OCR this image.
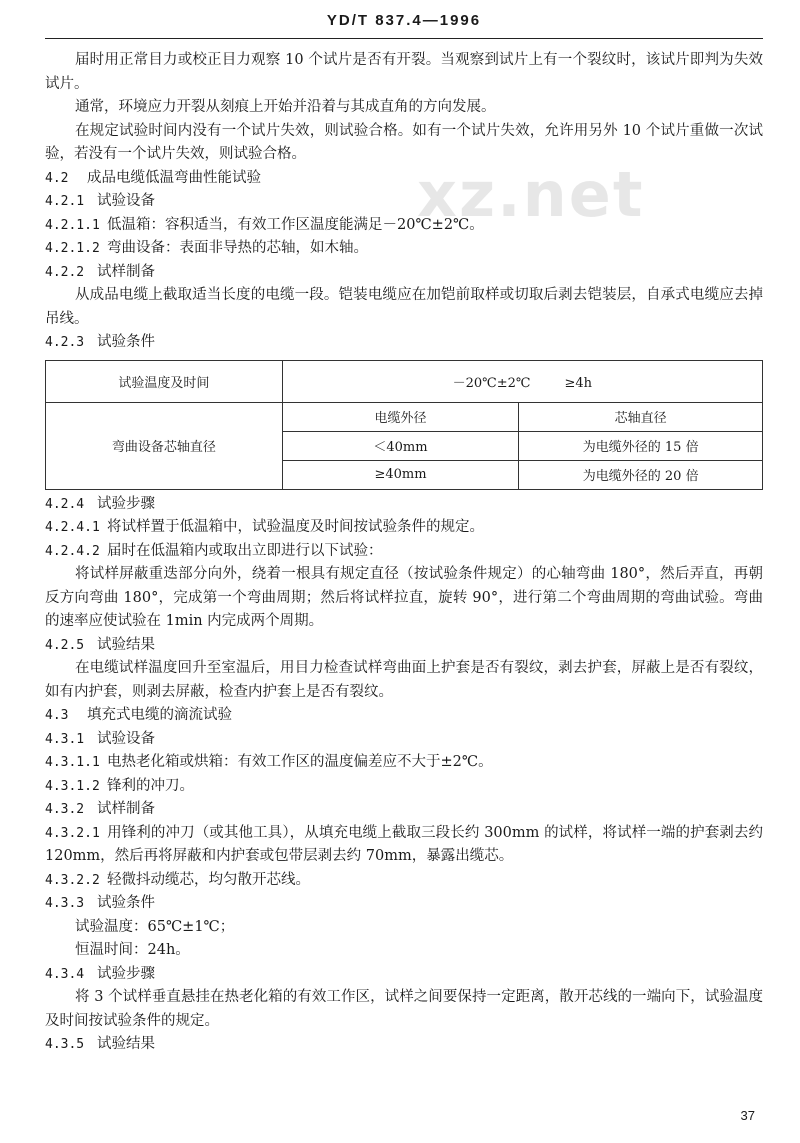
YD/T 837.4—1996
xz.net
届时用正常目力或校正目力观察 10 个试片是否有开裂。当观察到试片上有一个裂纹时，该试片即判为失效试片。
通常，环境应力开裂从刻痕上开始并沿着与其成直角的方向发展。
在规定试验时间内没有一个试片失效，则试验合格。如有一个试片失效，允许用另外 10 个试片重做一次试验，若没有一个试片失效，则试验合格。
4.2 成品电缆低温弯曲性能试验
4.2.1 试验设备
4.2.1.1 低温箱：容积适当，有效工作区温度能满足－20℃±2℃。
4.2.1.2 弯曲设备：表面非导热的芯轴，如木轴。
4.2.2 试样制备
从成品电缆上截取适当长度的电缆一段。铠装电缆应在加铠前取样或切取后剥去铠装层，自承式电缆应去掉吊线。
4.2.3 试验条件
试验温度及时间	－20℃±2℃ ≥4h	
弯曲设备芯轴直径	电缆外径	芯轴直径
	＜40mm	为电缆外径的 15 倍
	≥40mm	为电缆外径的 20 倍
4.2.4 试验步骤
4.2.4.1 将试样置于低温箱中，试验温度及时间按试验条件的规定。
4.2.4.2 届时在低温箱内或取出立即进行以下试验：
将试样屏蔽重迭部分向外，绕着一根具有规定直径（按试验条件规定）的心轴弯曲 180°，然后弄直，再朝反方向弯曲 180°，完成第一个弯曲周期；然后将试样拉直，旋转 90°，进行第二个弯曲周期的弯曲试验。弯曲的速率应使试验在 1min 内完成两个周期。
4.2.5 试验结果
在电缆试样温度回升至室温后，用目力检查试样弯曲面上护套是否有裂纹，剥去护套，屏蔽上是否有裂纹，如有内护套，则剥去屏蔽，检查内护套上是否有裂纹。
4.3 填充式电缆的滴流试验
4.3.1 试验设备
4.3.1.1 电热老化箱或烘箱：有效工作区的温度偏差应不大于±2℃。
4.3.1.2 锋利的冲刀。
4.3.2 试样制备
4.3.2.1 用锋利的冲刀（或其他工具），从填充电缆上截取三段长约 300mm 的试样，将试样一端的护套剥去约 120mm，然后再将屏蔽和内护套或包带层剥去约 70mm，暴露出缆芯。
4.3.2.2 轻微抖动缆芯，均匀散开芯线。
4.3.3 试验条件
试验温度：65℃±1℃；
恒温时间：24h。
4.3.4 试验步骤
将 3 个试样垂直悬挂在热老化箱的有效工作区，试样之间要保持一定距离，散开芯线的一端向下，试验温度及时间按试验条件的规定。
4.3.5 试验结果
37
